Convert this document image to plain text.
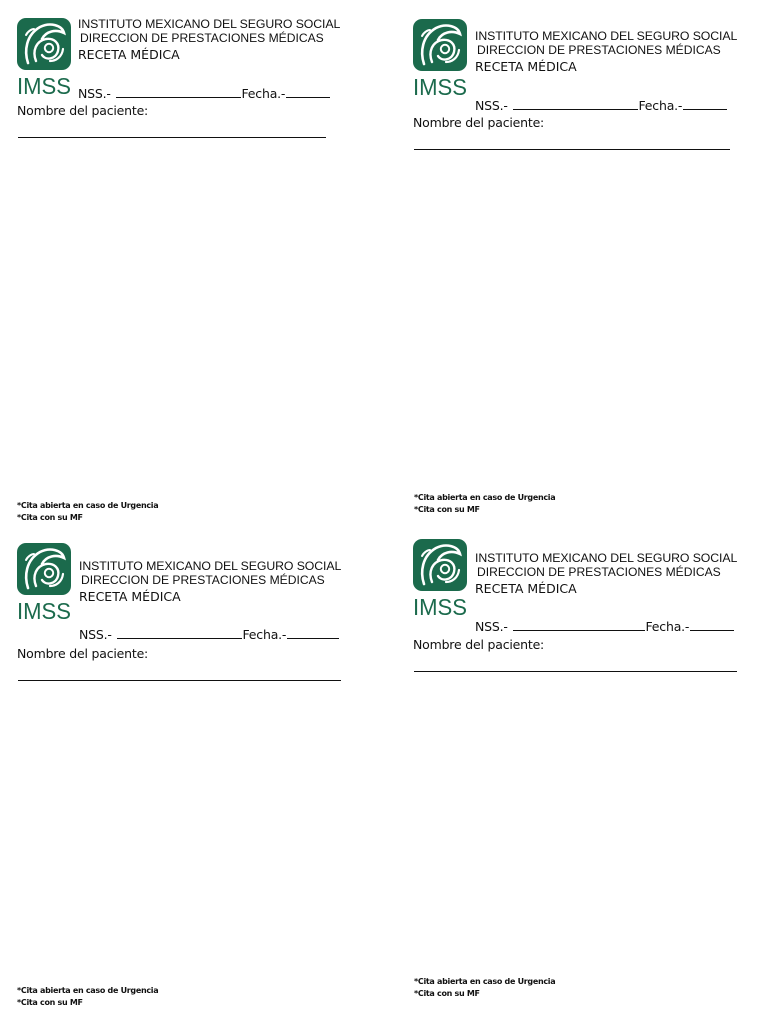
IMSS
INSTITUTO MEXICANO DEL SEGURO SOCIAL
DIRECCION DE PRESTACIONES MÉDICAS
RECETA MÉDICA
NSS.-	Fecha.-
Nombre del paciente:
*Cita abierta en caso de Urgencia
*Cita con su MF
IMSS
INSTITUTO MEXICANO DEL SEGURO SOCIAL
DIRECCION DE PRESTACIONES MÉDICAS
RECETA MÉDICA
NSS.-	Fecha.-
Nombre del paciente:
*Cita abierta en caso de Urgencia
*Cita con su MF
IMSS
INSTITUTO MEXICANO DEL SEGURO SOCIAL
DIRECCION DE PRESTACIONES MÉDICAS
RECETA MÉDICA
NSS.-	Fecha.-
Nombre del paciente:
*Cita abierta en caso de Urgencia
*Cita con su MF
IMSS
INSTITUTO MEXICANO DEL SEGURO SOCIAL
DIRECCION DE PRESTACIONES MÉDICAS
RECETA MÉDICA
NSS.-	Fecha.-
Nombre del paciente:
*Cita abierta en caso de Urgencia
*Cita con su MF
